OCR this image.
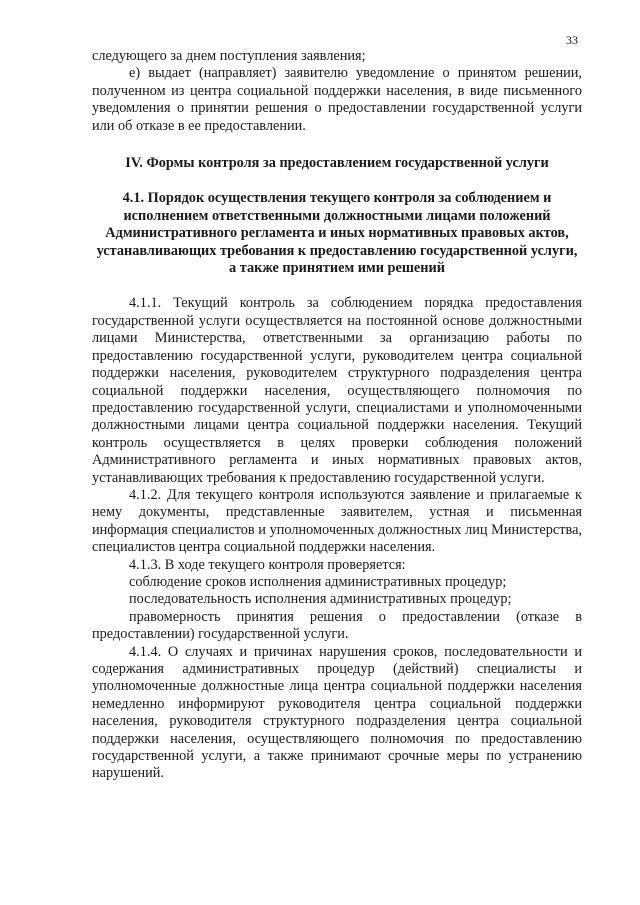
33

следующего за днем поступления заявления;

е) выдает (направляет) заявителю уведомление о принятом решении, полученном из центра социальной поддержки населения, в виде письменного уведомления о принятии решения о предоставлении государственной услуги или об отказе в ее предоставлении.

IV. Формы контроля за предоставлением государственной услуги

4.1. Порядок осуществления текущего контроля за соблюдением и исполнением ответственными должностными лицами положений Административного регламента и иных нормативных правовых актов, устанавливающих требования к предоставлению государственной услуги, а также принятием ими решений

4.1.1. Текущий контроль за соблюдением порядка предоставления государственной услуги осуществляется на постоянной основе должностными лицами Министерства, ответственными за организацию работы по предоставлению государственной услуги, руководителем центра социальной поддержки населения, руководителем структурного подразделения центра социальной поддержки населения, осуществляющего полномочия по предоставлению государственной услуги, специалистами и уполномоченными должностными лицами центра социальной поддержки населения. Текущий контроль осуществляется в целях проверки соблюдения положений Административного регламента и иных нормативных правовых актов, устанавливающих требования к предоставлению государственной услуги.

4.1.2. Для текущего контроля используются заявление и прилагаемые к нему документы, представленные заявителем, устная и письменная информация специалистов и уполномоченных должностных лиц Министерства, специалистов центра социальной поддержки населения.

4.1.3. В ходе текущего контроля проверяется:

соблюдение сроков исполнения административных процедур;

последовательность исполнения административных процедур;

правомерность принятия решения о предоставлении (отказе в предоставлении) государственной услуги.

4.1.4. О случаях и причинах нарушения сроков, последовательности и содержания административных процедур (действий) специалисты и уполномоченные должностные лица центра социальной поддержки населения немедленно информируют руководителя центра социальной поддержки населения, руководителя структурного подразделения центра социальной поддержки населения, осуществляющего полномочия по предоставлению государственной услуги, а также принимают срочные меры по устранению нарушений.
